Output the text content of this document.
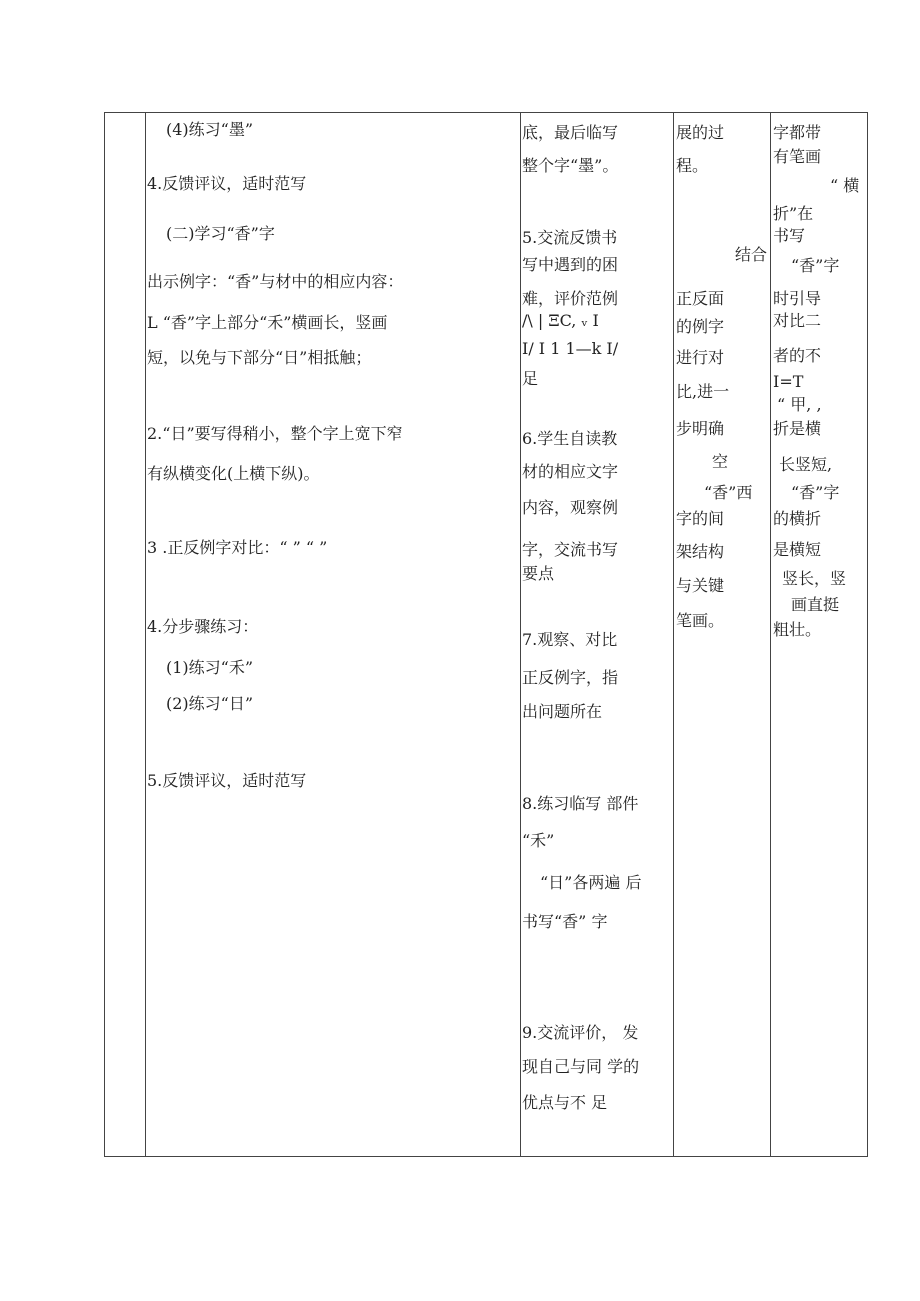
(4)练习“墨”
4.反馈评议，适时范写
(二)学习“香”字
出示例字：“香”与材中的相应内容：
L “香”字上部分“禾”横画长，竖画
短，以免与下部分“日”相抵触；
2.“日”要写得稍小，整个字上宽下窄
有纵横变化(上横下纵)。
3 .正反例字对比：“ ” “ ”
4.分步骤练习：
(1)练习“禾”
(2)练习“日”
5.反馈评议，适时范写
底，最后临写
整个字“墨”。
5.交流反馈书
写中遇到的困
难，评价范例
/\ | ΞC, ᵥ I
I/ I 1 1—k I/
足
6.学生自读教
材的相应文字
内容，观察例
字，交流书写
要点
7.观察、对比
正反例字，指
出问题所在
8.练习临写 部件
“禾”
“日”各两遍 后
书写“香” 字
9.交流评价， 发
现自己与同 学的
优点与不 足
展的过
程。
结合
正反面
的例字
进行对
比,进一
步明确
空
“香”西
字的间
架结构
与关键
笔画。
字都带
有笔画
“ 横
折”在
书写
“香”字
时引导
对比二
者的不
I=T
“ 甲, ,
折是横
长竖短,
“香”字
的横折
是横短
竖长，竖
画直挺
粗壮。
